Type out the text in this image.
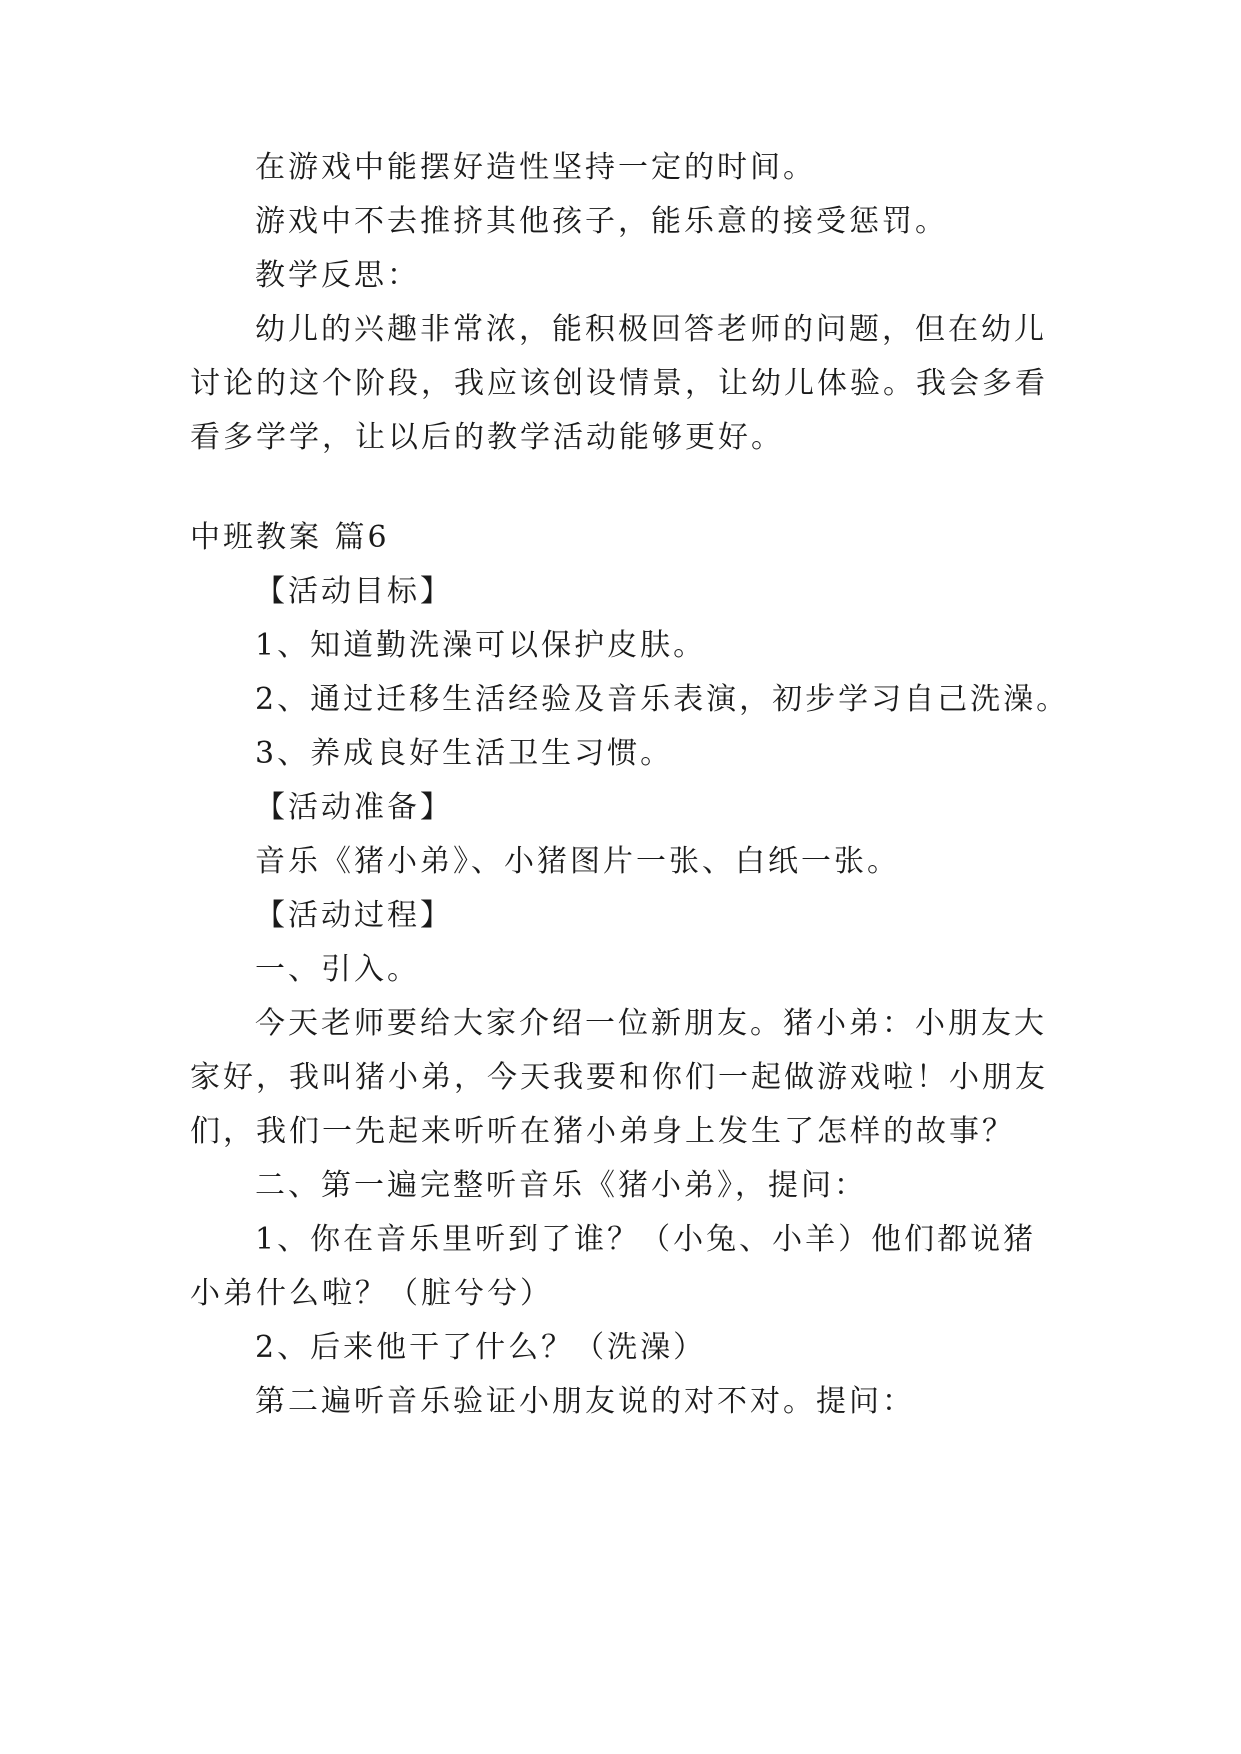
在游戏中能摆好造性坚持一定的时间。
游戏中不去推挤其他孩子，能乐意的接受惩罚。
教学反思：
幼儿的兴趣非常浓，能积极回答老师的问题，但在幼儿
讨论的这个阶段，我应该创设情景，让幼儿体验。我会多看
看多学学，让以后的教学活动能够更好。
中班教案 篇6
【活动目标】
1、知道勤洗澡可以保护皮肤。
2、通过迁移生活经验及音乐表演，初步学习自己洗澡。
3、养成良好生活卫生习惯。
【活动准备】
音乐《猪小弟》、小猪图片一张、白纸一张。
【活动过程】
一、引入。
今天老师要给大家介绍一位新朋友。猪小弟：小朋友大
家好，我叫猪小弟，今天我要和你们一起做游戏啦！小朋友
们，我们一先起来听听在猪小弟身上发生了怎样的故事？
二、第一遍完整听音乐《猪小弟》，提问：
1、你在音乐里听到了谁？（小兔、小羊）他们都说猪
小弟什么啦？（脏兮兮）
2、后来他干了什么？（洗澡）
第二遍听音乐验证小朋友说的对不对。提问：
